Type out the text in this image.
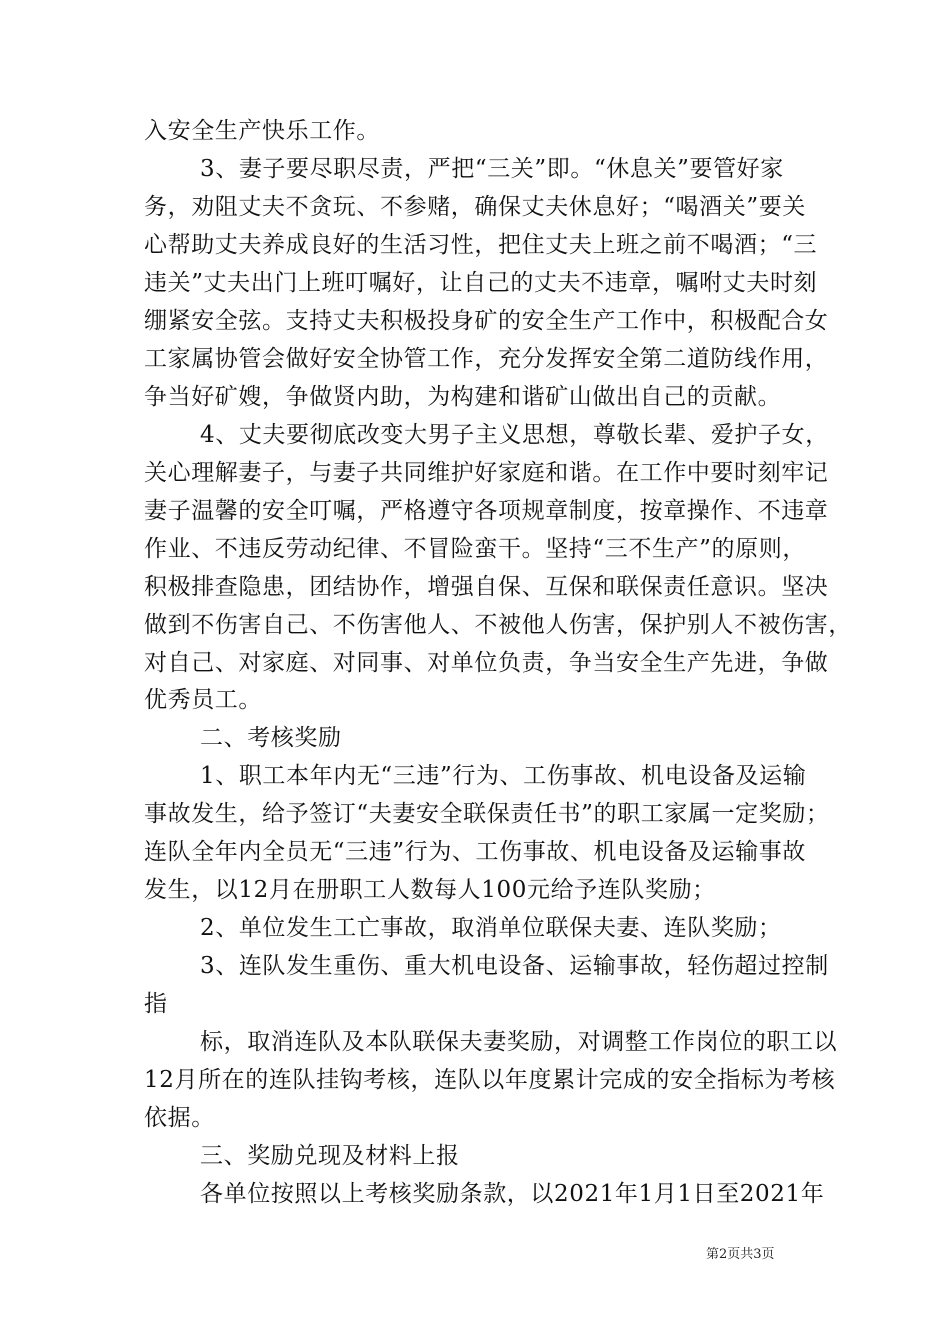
第2页共3页
入安全生产快乐工作。
3、妻子要尽职尽责，严把“三关”即。“休息关”要管好家
务，劝阻丈夫不贪玩、不参赌，确保丈夫休息好；“喝酒关”要关
心帮助丈夫养成良好的生活习性，把住丈夫上班之前不喝酒；“三
违关”丈夫出门上班叮嘱好，让自己的丈夫不违章，嘱咐丈夫时刻
绷紧安全弦。支持丈夫积极投身矿的安全生产工作中，积极配合女
工家属协管会做好安全协管工作，充分发挥安全第二道防线作用，
争当好矿嫂，争做贤内助，为构建和谐矿山做出自己的贡献。
4、丈夫要彻底改变大男子主义思想，尊敬长辈、爱护子女，
关心理解妻子，与妻子共同维护好家庭和谐。在工作中要时刻牢记
妻子温馨的安全叮嘱，严格遵守各项规章制度，按章操作、不违章
作业、不违反劳动纪律、不冒险蛮干。坚持“三不生产”的原则，
积极排查隐患，团结协作，增强自保、互保和联保责任意识。坚决
做到不伤害自己、不伤害他人、不被他人伤害，保护别人不被伤害，
对自己、对家庭、对同事、对单位负责，争当安全生产先进，争做
优秀员工。
二、考核奖励
1、职工本年内无“三违”行为、工伤事故、机电设备及运输
事故发生，给予签订“夫妻安全联保责任书”的职工家属一定奖励；
连队全年内全员无“三违”行为、工伤事故、机电设备及运输事故
发生，以12月在册职工人数每人100元给予连队奖励；
2、单位发生工亡事故，取消单位联保夫妻、连队奖励；
3、连队发生重伤、重大机电设备、运输事故，轻伤超过控制
指
标，取消连队及本队联保夫妻奖励，对调整工作岗位的职工以
12月所在的连队挂钩考核，连队以年度累计完成的安全指标为考核
依据。
三、奖励兑现及材料上报
各单位按照以上考核奖励条款，以2021年1月1日至2021年
